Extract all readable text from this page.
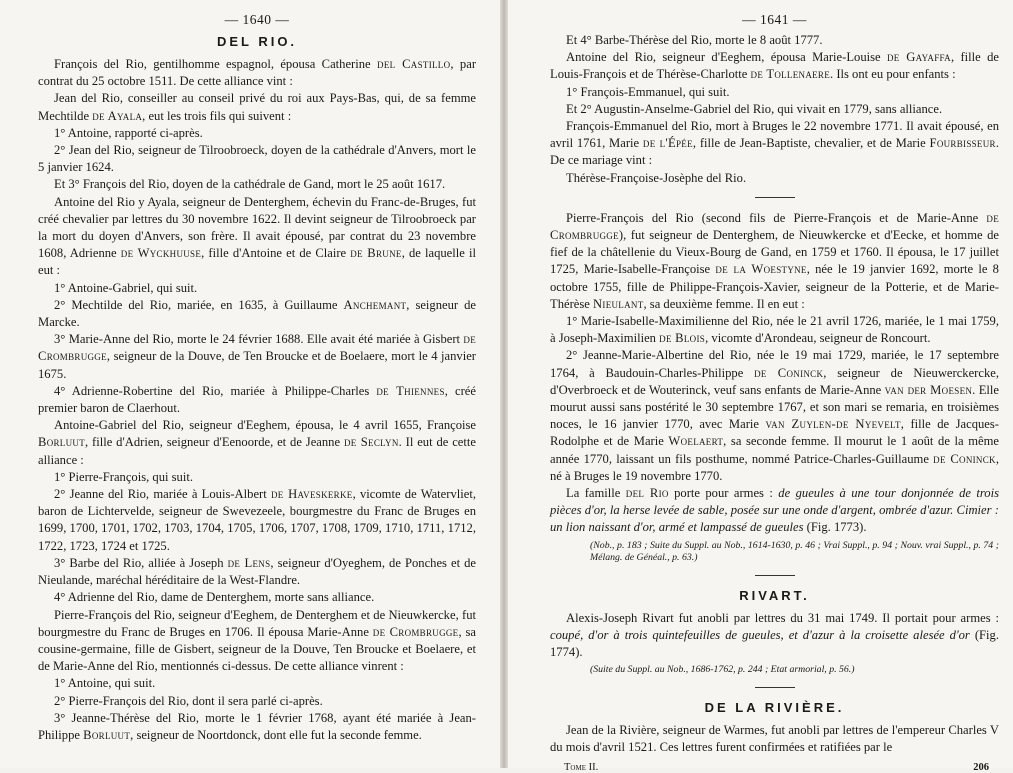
— 1640 —
DEL RIO.

François del Rio, gentilhomme espagnol, épousa Catherine del Castillo, par contrat du 25 octobre 1511. De cette alliance vint :

Jean del Rio, conseiller au conseil privé du roi aux Pays-Bas, qui, de sa femme Mechtilde de Ayala, eut les trois fils qui suivent :

1° Antoine, rapporté ci-après.

2° Jean del Rio, seigneur de Tilroobroeck, doyen de la cathédrale d'Anvers, mort le 5 janvier 1624.

Et 3° François del Rio, doyen de la cathédrale de Gand, mort le 25 août 1617.

Antoine del Rio y Ayala, seigneur de Denterghem, échevin du Franc-de-Bruges, fut créé chevalier par lettres du 30 novembre 1622. Il devint seigneur de Tilroobroeck par la mort du doyen d'Anvers, son frère. Il avait épousé, par contrat du 23 novembre 1608, Adrienne de Wyckhuuse, fille d'Antoine et de Claire de Brune, de laquelle il eut :

1° Antoine-Gabriel, qui suit.

2° Mechtilde del Rio, mariée, en 1635, à Guillaume Anchemant, seigneur de Marcke.

3° Marie-Anne del Rio, morte le 24 février 1688. Elle avait été mariée à Gisbert de Crombrugge, seigneur de la Douve, de Ten Broucke et de Boelaere, mort le 4 janvier 1675.

4° Adrienne-Robertine del Rio, mariée à Philippe-Charles de Thiennes, créé premier baron de Claerhout.

Antoine-Gabriel del Rio, seigneur d'Eeghem, épousa, le 4 avril 1655, Françoise Borluut, fille d'Adrien, seigneur d'Eenoorde, et de Jeanne de Seclyn. Il eut de cette alliance :

1° Pierre-François, qui suit.

2° Jeanne del Rio, mariée à Louis-Albert de Haveskerke, vicomte de Watervliet, baron de Lichtervelde, seigneur de Swevezeele, bourgmestre du Franc de Bruges en 1699, 1700, 1701, 1702, 1703, 1704, 1705, 1706, 1707, 1708, 1709, 1710, 1711, 1712, 1722, 1723, 1724 et 1725.

3° Barbe del Rio, alliée à Joseph de Lens, seigneur d'Oyeghem, de Ponches et de Nieulande, maréchal héréditaire de la West-Flandre.

4° Adrienne del Rio, dame de Denterghem, morte sans alliance.

Pierre-François del Rio, seigneur d'Eeghem, de Denterghem et de Nieuwkercke, fut bourgmestre du Franc de Bruges en 1706. Il épousa Marie-Anne de Crombrugge, sa cousine-germaine, fille de Gisbert, seigneur de la Douve, Ten Broucke et Boelaere, et de Marie-Anne del Rio, mentionnés ci-dessus. De cette alliance vinrent :

1° Antoine, qui suit.

2° Pierre-François del Rio, dont il sera parlé ci-après.

3° Jeanne-Thérèse del Rio, morte le 1 février 1768, ayant été mariée à Jean-Philippe Borluut, seigneur de Noortdonck, dont elle fut la seconde femme.

— 1641 —

Et 4° Barbe-Thérèse del Rio, morte le 8 août 1777.

Antoine del Rio, seigneur d'Eeghem, épousa Marie-Louise de Gayaffa, fille de Louis-François et de Thérèse-Charlotte de Tollenaere. Ils ont eu pour enfants :

1° François-Emmanuel, qui suit.

Et 2° Augustin-Anselme-Gabriel del Rio, qui vivait en 1779, sans alliance.

François-Emmanuel del Rio, mort à Bruges le 22 novembre 1771. Il avait épousé, en avril 1761, Marie de l'Épée, fille de Jean-Baptiste, chevalier, et de Marie Fourbisseur. De ce mariage vint :

Thérèse-Françoise-Josèphe del Rio.

Pierre-François del Rio (second fils de Pierre-François et de Marie-Anne de Crombrugge), fut seigneur de Denterghem, de Nieuwkercke et d'Eecke, et homme de fief de la châtellenie du Vieux-Bourg de Gand, en 1759 et 1760. Il épousa, le 17 juillet 1725, Marie-Isabelle-Françoise de la Woestyne, née le 19 janvier 1692, morte le 8 octobre 1755, fille de Philippe-François-Xavier, seigneur de la Potterie, et de Marie-Thérèse Nieulant, sa deuxième femme. Il en eut :

1° Marie-Isabelle-Maximilienne del Rio, née le 21 avril 1726, mariée, le 1 mai 1759, à Joseph-Maximilien de Blois, vicomte d'Arondeau, seigneur de Roncourt.

2° Jeanne-Marie-Albertine del Rio, née le 19 mai 1729, mariée, le 17 septembre 1764, à Baudouin-Charles-Philippe de Coninck, seigneur de Nieuwerckercke, d'Overbroeck et de Wouterinck, veuf sans enfants de Marie-Anne van der Moesen. Elle mourut aussi sans postérité le 30 septembre 1767, et son mari se remaria, en troisièmes noces, le 16 janvier 1770, avec Marie van Zuylen-de Nyevelt, fille de Jacques-Rodolphe et de Marie Woelaert, sa seconde femme. Il mourut le 1 août de la même année 1770, laissant un fils posthume, nommé Patrice-Charles-Guillaume de Coninck, né à Bruges le 19 novembre 1770.

La famille del Rio porte pour armes : de gueules à une tour donjonnée de trois pièces d'or, la herse levée de sable, posée sur une onde d'argent, ombrée d'azur. Cimier : un lion naissant d'or, armé et lampassé de gueules (Fig. 1773).

(Nob., p. 183 ; Suite du Suppl. au Nob., 1614-1630, p. 46 ; Vrai Suppl., p. 94 ; Nouv. vrai Suppl., p. 74 ; Mélang. de Généal., p. 63.)

RIVART.

Alexis-Joseph Rivart fut anobli par lettres du 31 mai 1749. Il portait pour armes : coupé, d'or à trois quintefeuilles de gueules, et d'azur à la croisette alesée d'or (Fig. 1774).

(Suite du Suppl. au Nob., 1686-1762, p. 244 ; Etat armorial, p. 56.)

DE LA RIVIÈRE.

Jean de la Rivière, seigneur de Warmes, fut anobli par lettres de l'empereur Charles V du mois d'avril 1521. Ces lettres furent confirmées et ratifiées par le

Tome II.	206
